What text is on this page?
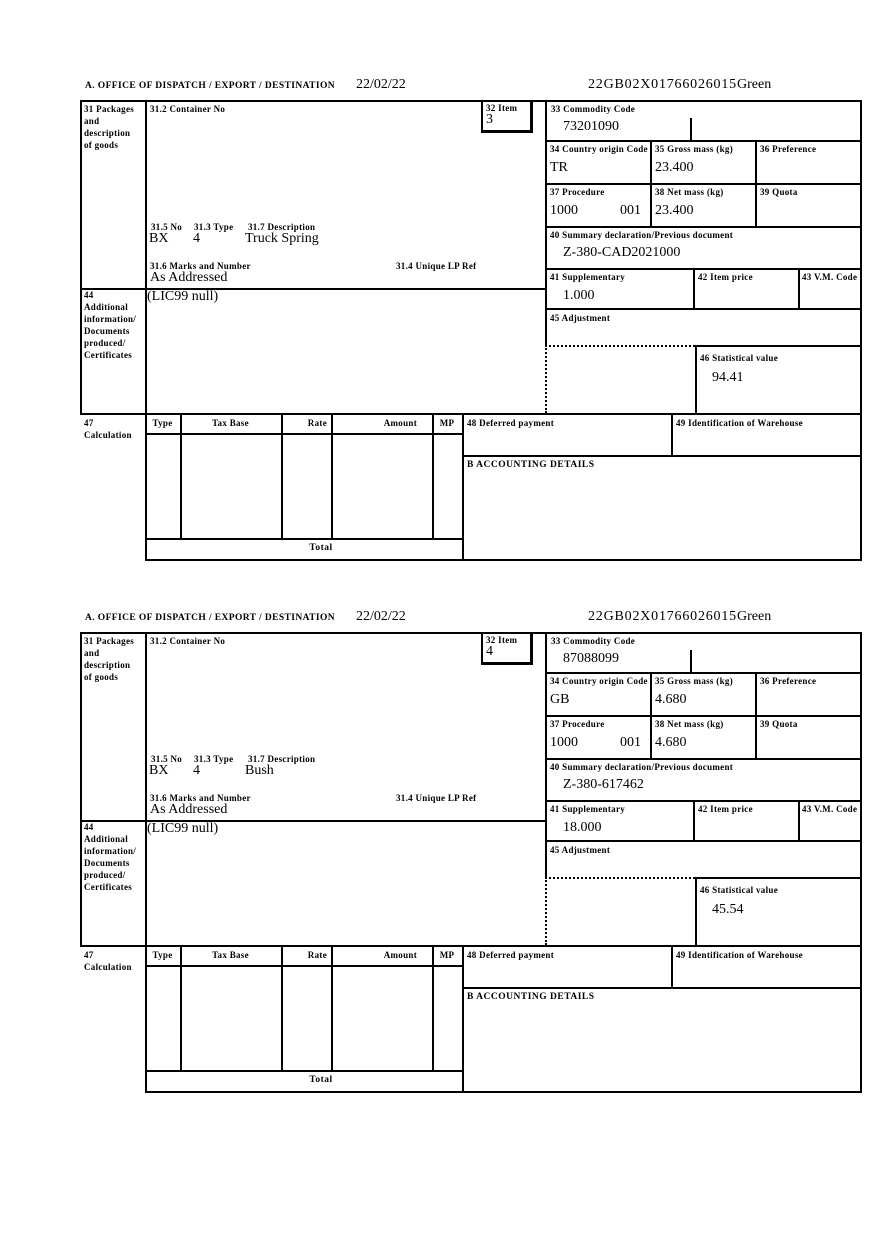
A. OFFICE OF DISPATCH / EXPORT / DESTINATION 22/02/22	22GB02X01766026015 Green
31 Packages
and
description
of goods
31.2 Container No	32 Item
3
33 Commodity Code
73201090
34 Country origin Code
TR
35 Gross mass (kg)
23.400
36 Preference
37 Procedure
1000	001
38 Net mass (kg)
23.400
39 Quota
31.5 No 31.3 Type 31.7 Description
BX 4	Truck Spring
31.6 Marks and Number	31.4 Unique LP Ref
As Addressed
40 Summary declaration/Previous document
Z-380-CAD2021000
41 Supplementary
1.000
42 Item price	43 V.M. Code
45 Adjustment
46 Statistical value
94.41
44
Additional
information/
Documents
produced/
Certificates
(LIC99 null)
47
Calculation
Type	Tax Base	Rate	Amount	MP
Total
48 Deferred payment	49 Identification of Warehouse
B ACCOUNTING DETAILS
A. OFFICE OF DISPATCH / EXPORT / DESTINATION 22/02/22	22GB02X01766026015 Green
31 Packages
and
description
of goods
31.2 Container No	32 Item
4
33 Commodity Code
87088099
34 Country origin Code
GB
35 Gross mass (kg)
4.680
36 Preference
37 Procedure
1000	001
38 Net mass (kg)
4.680
39 Quota
31.5 No 31.3 Type 31.7 Description
BX 4	Bush
31.6 Marks and Number	31.4 Unique LP Ref
As Addressed
40 Summary declaration/Previous document
Z-380-617462
41 Supplementary
18.000
42 Item price	43 V.M. Code
45 Adjustment
46 Statistical value
45.54
44
Additional
information/
Documents
produced/
Certificates
(LIC99 null)
47
Calculation
Type	Tax Base	Rate	Amount	MP
Total
48 Deferred payment	49 Identification of Warehouse
B ACCOUNTING DETAILS
